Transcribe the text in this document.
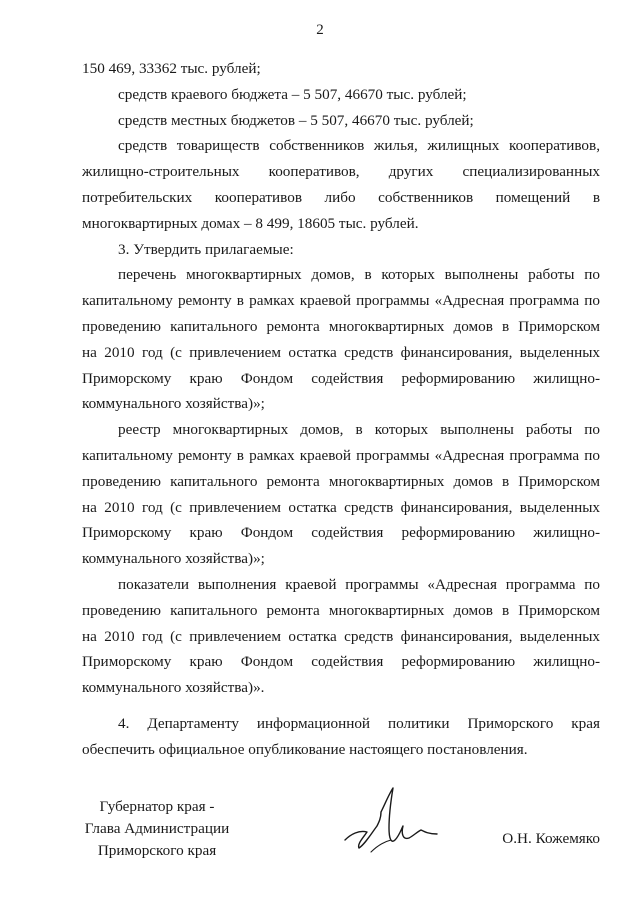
2
150 469, 33362 тыс. рублей;
средств краевого бюджета – 5 507, 46670 тыс. рублей;
средств местных бюджетов – 5 507, 46670 тыс. рублей;
средств товариществ собственников жилья, жилищных кооперативов,
жилищно-строительных кооперативов, других специализированных
потребительских кооперативов либо собственников помещений в
многоквартирных домах – 8 499, 18605 тыс. рублей.
3. Утвердить прилагаемые:
перечень многоквартирных домов, в которых выполнены работы по
капитальному ремонту в рамках краевой программы «Адресная программа по
проведению капитального ремонта многоквартирных домов в Приморском
на 2010 год (с привлечением остатка средств финансирования, выделенных
Приморскому краю Фондом содействия реформированию жилищно-
коммунального хозяйства)»;
реестр многоквартирных домов, в которых выполнены работы по
капитальному ремонту в рамках краевой программы «Адресная программа по
проведению капитального ремонта многоквартирных домов в Приморском
на 2010 год (с привлечением остатка средств финансирования, выделенных
Приморскому краю Фондом содействия реформированию жилищно-
коммунального хозяйства)»;
показатели выполнения краевой программы «Адресная программа по
проведению капитального ремонта многоквартирных домов в Приморском
на 2010 год (с привлечением остатка средств финансирования, выделенных
Приморскому краю Фондом содействия реформированию жилищно-
коммунального хозяйства)».
4. Департаменту информационной политики Приморского края
обеспечить официальное опубликование настоящего постановления.
Губернатор края -
Глава Администрации
Приморского края
О.Н. Кожемяко
